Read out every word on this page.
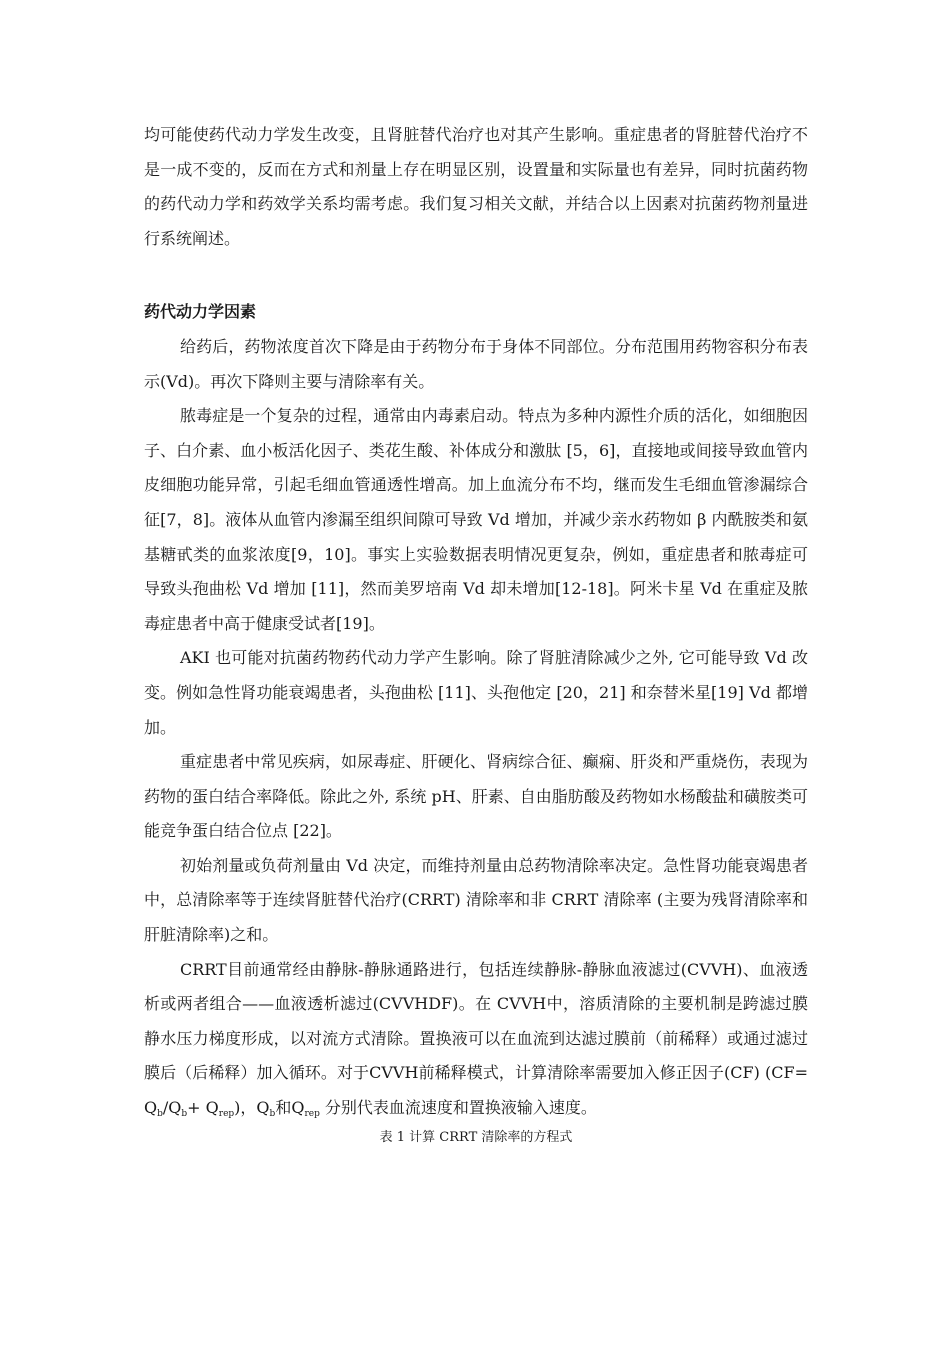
均可能使药代动力学发生改变，且肾脏替代治疗也对其产生影响。重症患者的肾脏替代治疗不是一成不变的，反而在方式和剂量上存在明显区别，设置量和实际量也有差异，同时抗菌药物的药代动力学和药效学关系均需考虑。我们复习相关文献，并结合以上因素对抗菌药物剂量进行系统阐述。

药代动力学因素

给药后，药物浓度首次下降是由于药物分布于身体不同部位。分布范围用药物容积分布表示(Vd)。再次下降则主要与清除率有关。

脓毒症是一个复杂的过程，通常由内毒素启动。特点为多种内源性介质的活化，如细胞因子、白介素、血小板活化因子、类花生酸、补体成分和激肽 [5，6]，直接地或间接导致血管内皮细胞功能异常，引起毛细血管通透性增高。加上血流分布不均，继而发生毛细血管渗漏综合征[7，8]。液体从血管内渗漏至组织间隙可导致 Vd 增加，并减少亲水药物如 β 内酰胺类和氨基糖甙类的血浆浓度[9，10]。事实上实验数据表明情况更复杂，例如，重症患者和脓毒症可导致头孢曲松 Vd 增加 [11]，然而美罗培南 Vd 却未增加[12-18]。阿米卡星 Vd 在重症及脓毒症患者中高于健康受试者[19]。

AKI 也可能对抗菌药物药代动力学产生影响。除了肾脏清除减少之外, 它可能导致 Vd 改变。例如急性肾功能衰竭患者，头孢曲松 [11]、头孢他定 [20，21] 和奈替米星[19] Vd 都增加。

重症患者中常见疾病，如尿毒症、肝硬化、肾病综合征、癫痫、肝炎和严重烧伤，表现为药物的蛋白结合率降低。除此之外, 系统 pH、肝素、自由脂肪酸及药物如水杨酸盐和磺胺类可能竞争蛋白结合位点 [22]。

初始剂量或负荷剂量由 Vd 决定，而维持剂量由总药物清除率决定。急性肾功能衰竭患者中，总清除率等于连续肾脏替代治疗(CRRT) 清除率和非 CRRT 清除率 (主要为残肾清除率和肝脏清除率)之和。

CRRT目前通常经由静脉-静脉通路进行，包括连续静脉-静脉血液滤过(CVVH)、血液透析或两者组合——血液透析滤过(CVVHDF)。在 CVVH中，溶质清除的主要机制是跨滤过膜静水压力梯度形成，以对流方式清除。置换液可以在血流到达滤过膜前（前稀释）或通过滤过膜后（后稀释）加入循环。对于CVVH前稀释模式，计算清除率需要加入修正因子(CF) $(CF= Q_b/Q_b+ Q_{rep})$，$Q_b$和$Q_{rep}$ 分别代表血流速度和置换液输入速度。

表 1 计算 CRRT 清除率的方程式
